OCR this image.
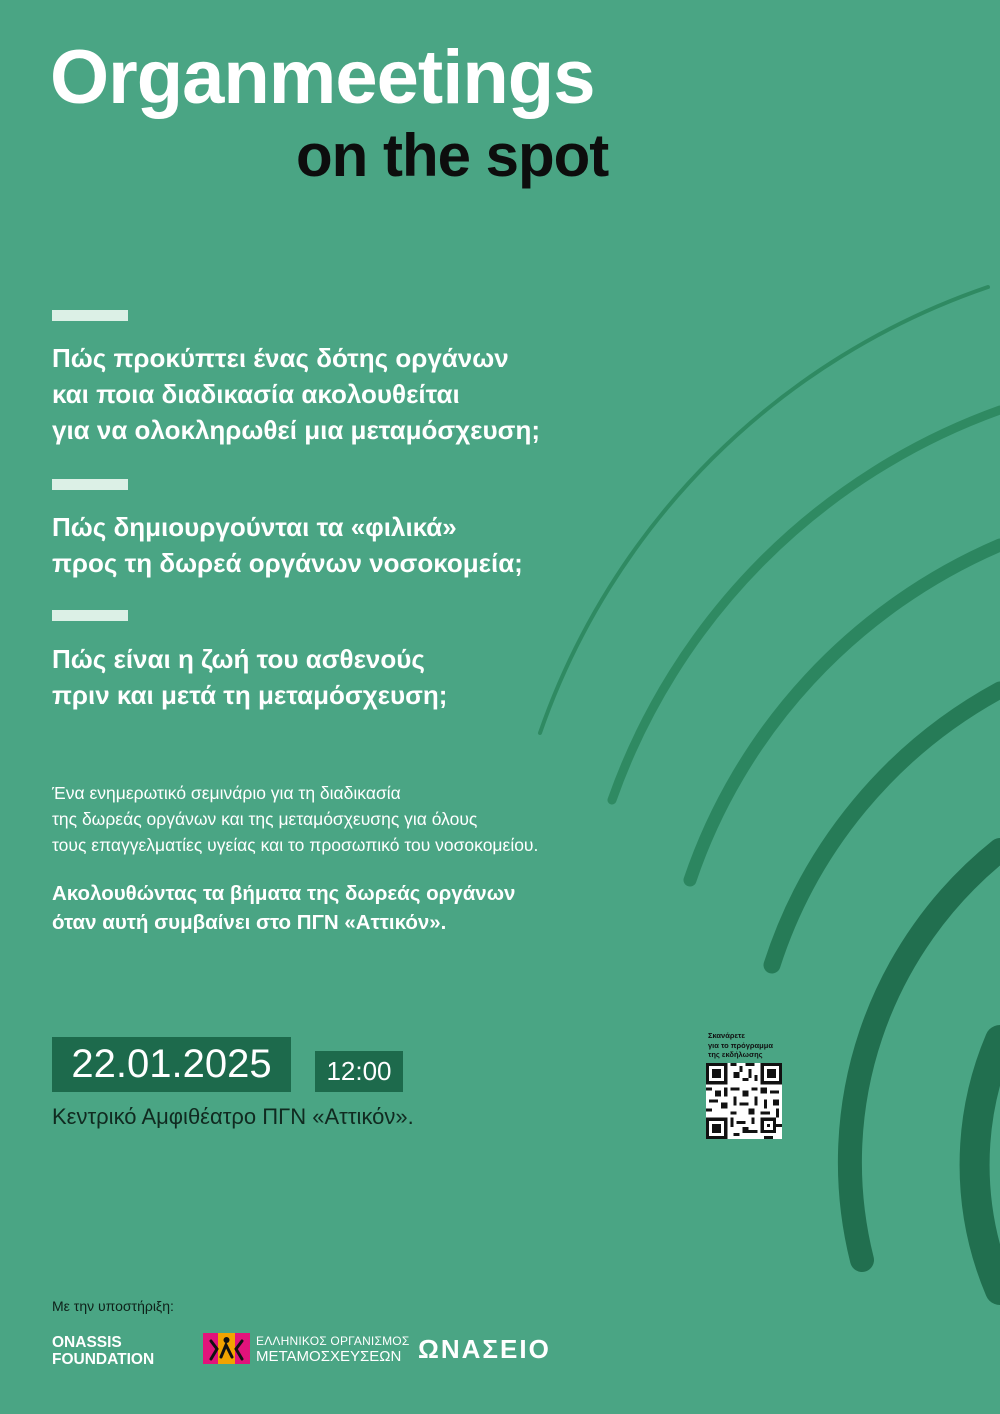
Organmeetings
on the spot
Πώς προκύπτει ένας δότης οργάνων
και ποια διαδικασία ακολουθείται
για να ολοκληρωθεί μια μεταμόσχευση;
Πώς δημιουργούνται τα «φιλικά»
προς τη δωρεά οργάνων νοσοκομεία;
Πώς είναι η ζωή του ασθενούς
πριν και μετά τη μεταμόσχευση;
Ένα ενημερωτικό σεμινάριο για τη διαδικασία
της δωρεάς οργάνων και της μεταμόσχευσης για όλους
τους επαγγελματίες υγείας και το προσωπικό του νοσοκομείου.
Ακολουθώντας τα βήματα της δωρεάς οργάνων
όταν αυτή συμβαίνει στο ΠΓΝ «Αττικόν».
22.01.2025	12:00
Κεντρικό Αμφιθέατρο ΠΓΝ «Αττικόν».
Σκανάρετε
για το πρόγραμμα
της εκδήλωσης
Με την υποστήριξη:
ONASSIS
FOUNDATION
ΕΛΛΗΝΙΚΟΣ ΟΡΓΑΝΙΣΜΟΣ
ΜΕΤΑΜΟΣΧΕΥΣΕΩΝ ΩΝΑΣΕΙΟ
